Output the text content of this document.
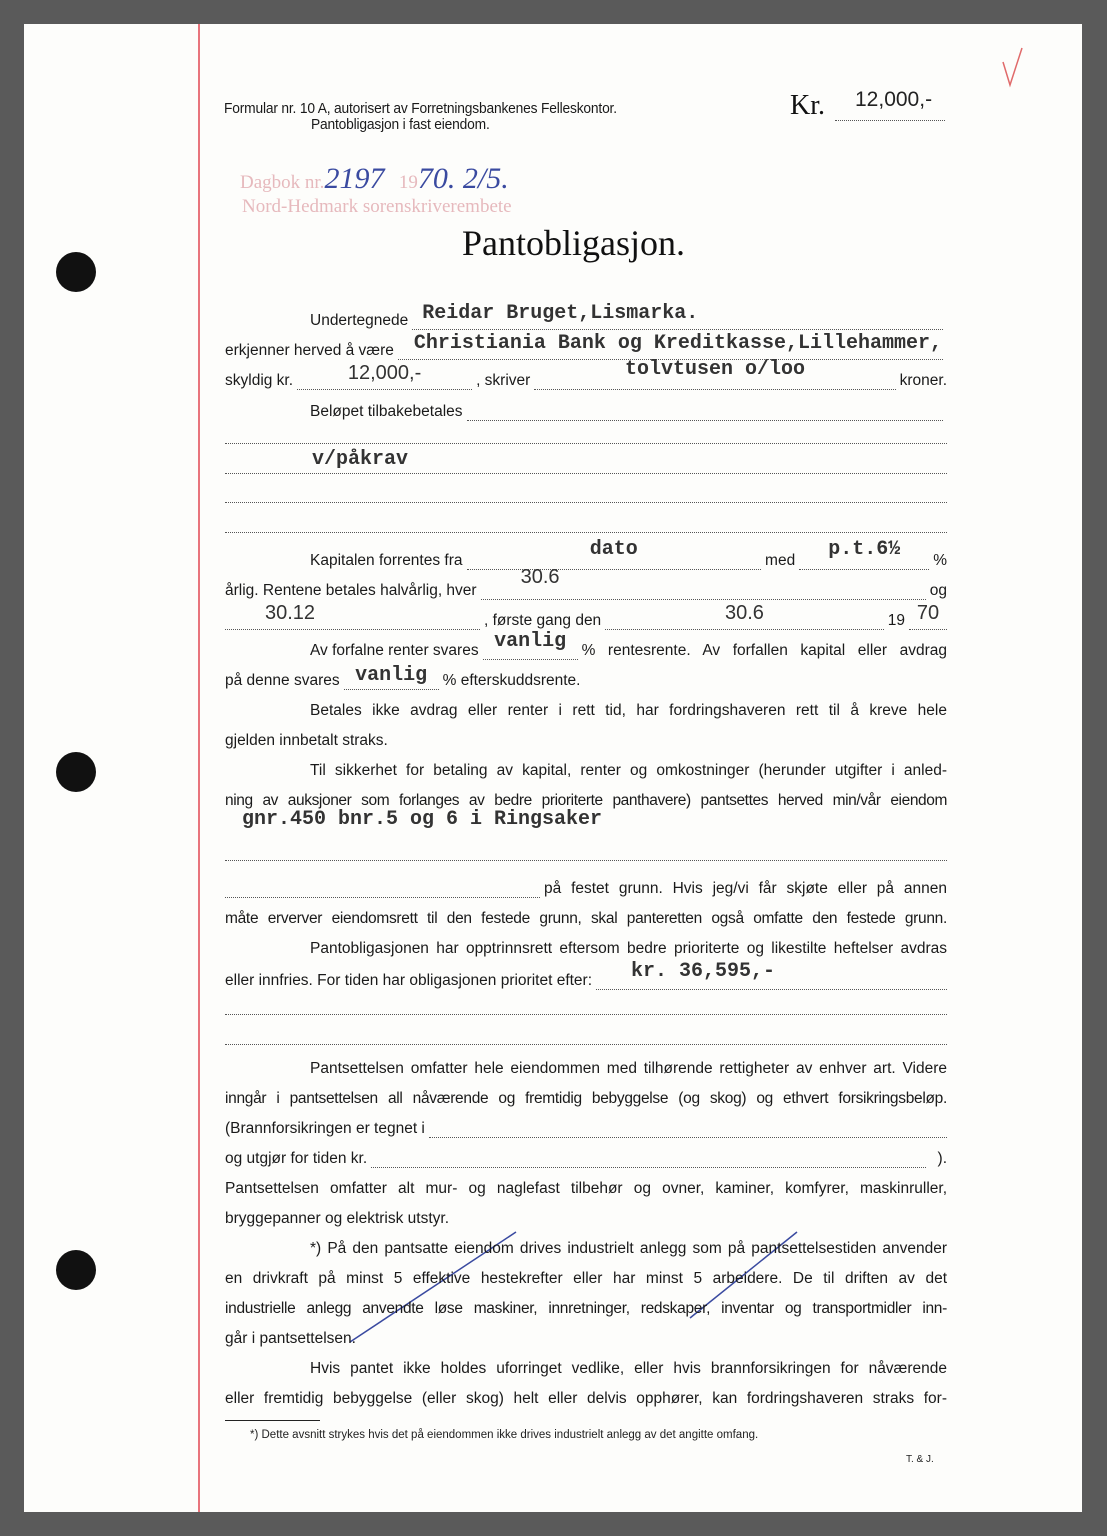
Formular nr. 10 A, autorisert av Forretningsbankenes Felleskontor.
Pantobligasjon i fast eiendom.
Kr. 12,000,-
Dagbok nr.2197 1970. 2/5.
Nord-Hedmark sorenskriverembete
Pantobligasjon.
Undertegnede Reidar Bruget,Lismarka.
erkjenner herved å være	Christiania Bank og Kreditkasse,Lillehammer,
skyldig kr.	12,000,-	, skriver	tolvtusen o/loo	kroner.
Beløpet tilbakebetales
v/påkrav
Kapitalen forrentes fra	dato	med	p.t.6½	%
årlig. Rentene betales halvårlig, hver
30.6
og
30.12	, første gang den	30.6	19 70
Av forfalne renter svares vanlig	% rentesrente. Av forfallen kapital eller avdrag
på denne svares vanlig	% efterskuddsrente.
Betales ikke avdrag eller renter i rett tid, har fordringshaveren rett til å kreve hele
gjelden innbetalt straks.
Til sikkerhet for betaling av kapital, renter og omkostninger (herunder utgifter i anled-
ning av auksjoner som forlanges av bedre prioriterte panthavere) pantsettes herved min/vår eiendom
gnr.450 bnr.5 og 6 i Ringsaker
på festet grunn. Hvis jeg/vi får skjøte eller på annen
måte erverver eiendomsrett til den festede grunn, skal panteretten også omfatte den festede grunn.
Pantobligasjonen har opptrinnsrett eftersom bedre prioriterte og likestilte heftelser avdras
eller innfries. For tiden har obligasjonen prioritet efter:	kr. 36,595,-
Pantsettelsen omfatter hele eiendommen med tilhørende rettigheter av enhver art. Videre
inngår i pantsettelsen all nåværende og fremtidig bebyggelse (og skog) og ethvert forsikringsbeløp.
(Brannforsikringen er tegnet i
og utgjør for tiden kr.	).
Pantsettelsen omfatter alt mur- og naglefast tilbehør og ovner, kaminer, komfyrer, maskinruller,
bryggepanner og elektrisk utstyr.
*) På den pantsatte eiendom drives industrielt anlegg som på pantsettelsestiden anvender
en drivkraft på minst 5 effektive hestekrefter eller har minst 5 arbeidere. De til driften av det
industrielle anlegg anvendte løse maskiner, innretninger, redskaper, inventar og transportmidler inn-
går i pantsettelsen.
Hvis pantet ikke holdes uforringet vedlike, eller hvis brannforsikringen for nåværende
eller fremtidig bebyggelse (eller skog) helt eller delvis opphører, kan fordringshaveren straks for-
*) Dette avsnitt strykes hvis det på eiendommen ikke drives industrielt anlegg av det angitte omfang.
T. & J.
